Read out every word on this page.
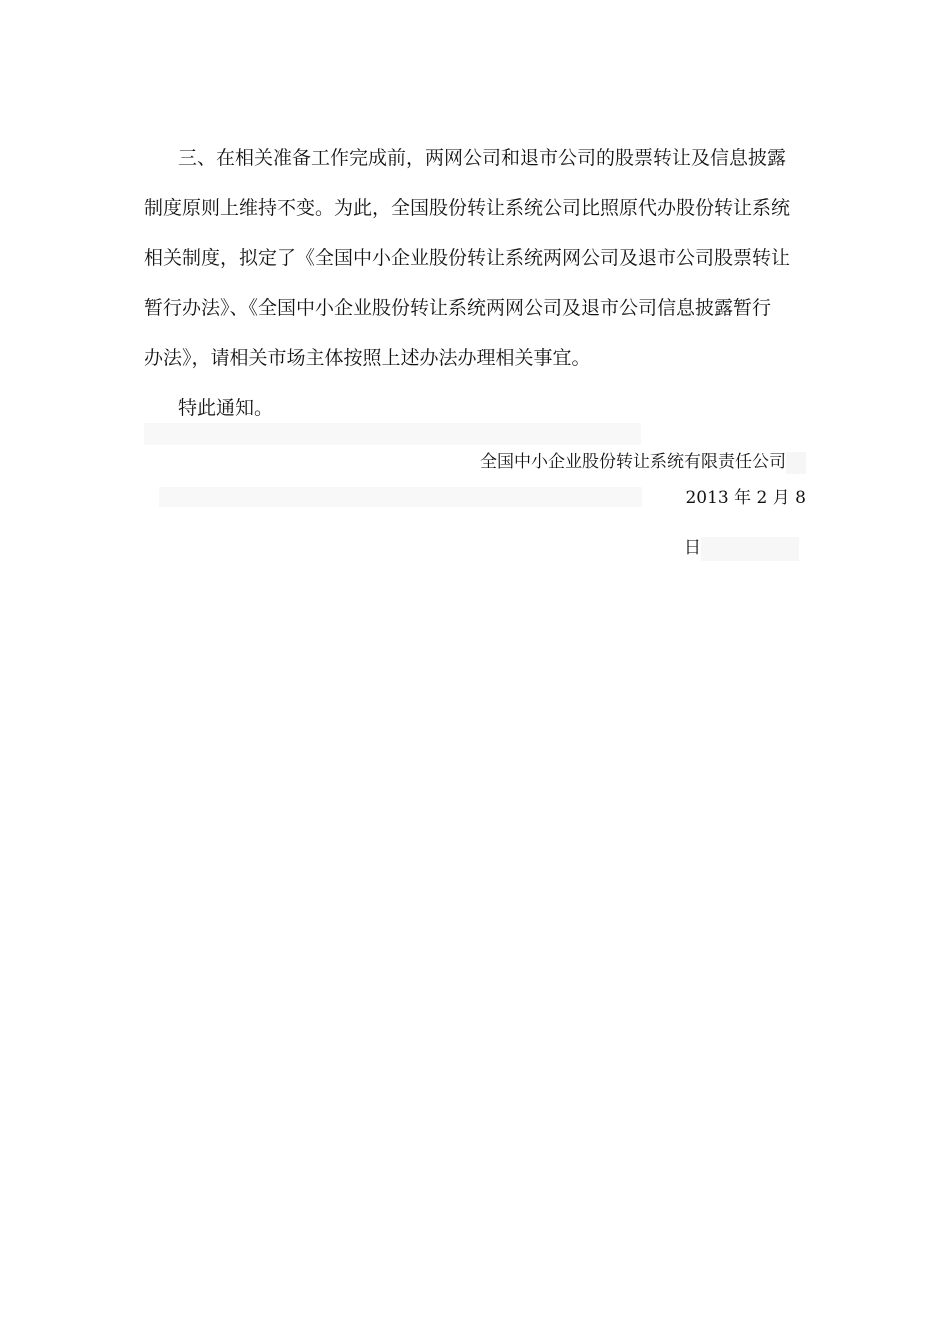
三、在相关准备工作完成前，两网公司和退市公司的股票转让及信息披露
制度原则上维持不变。为此，全国股份转让系统公司比照原代办股份转让系统
相关制度，拟定了《全国中小企业股份转让系统两网公司及退市公司股票转让
暂行办法》、《全国中小企业股份转让系统两网公司及退市公司信息披露暂行
办法》，请相关市场主体按照上述办法办理相关事宜。
特此通知。
全国中小企业股份转让系统有限责任公司
2013 年 2 月 8
日
